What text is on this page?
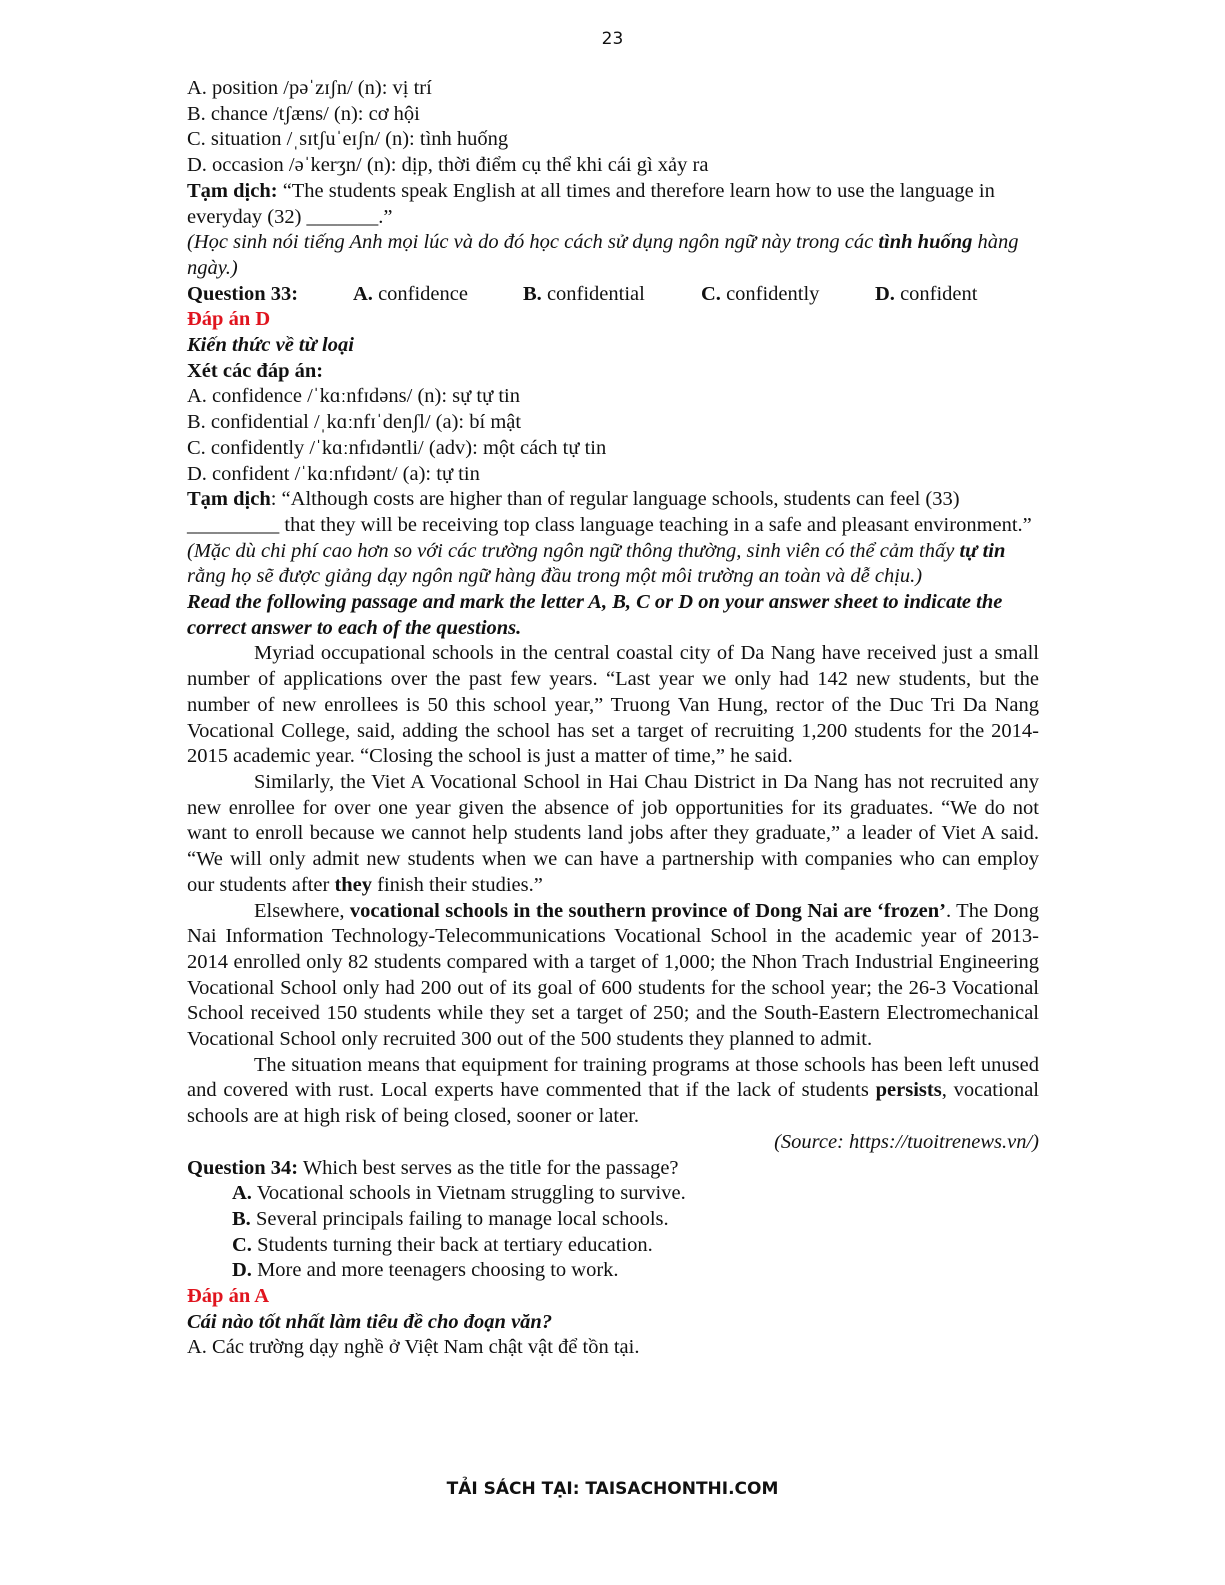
23
A. position /pəˈzɪʃn/ (n): vị trí
B. chance /tʃæns/ (n): cơ hội
C. situation /ˌsɪtʃuˈeɪʃn/ (n): tình huống
D. occasion /əˈkerʒn/ (n): dịp, thời điểm cụ thể khi cái gì xảy ra
Tạm dịch: “The students speak English at all times and therefore learn how to use the language in everyday (32) _______.”
(Học sinh nói tiếng Anh mọi lúc và do đó học cách sử dụng ngôn ngữ này trong các tình huống hàng ngày.)
Question 33:	A. confidence	B. confidential	C. confidently	D. confident
Đáp án D
Kiến thức về từ loại
Xét các đáp án:
A. confidence /ˈkɑːnfɪdəns/ (n): sự tự tin
B. confidential /ˌkɑːnfɪˈdenʃl/ (a): bí mật
C. confidently /ˈkɑːnfɪdəntli/ (adv): một cách tự tin
D. confident /ˈkɑːnfɪdənt/ (a): tự tin
Tạm dịch: “Although costs are higher than of regular language schools, students can feel (33) _________ that they will be receiving top class language teaching in a safe and pleasant environment.”
(Mặc dù chi phí cao hơn so với các trường ngôn ngữ thông thường, sinh viên có thể cảm thấy tự tin rằng họ sẽ được giảng dạy ngôn ngữ hàng đầu trong một môi trường an toàn và dễ chịu.)
Read the following passage and mark the letter A, B, C or D on your answer sheet to indicate the correct answer to each of the questions.
Myriad occupational schools in the central coastal city of Da Nang have received just a small number of applications over the past few years. “Last year we only had 142 new students, but the number of new enrollees is 50 this school year,” Truong Van Hung, rector of the Duc Tri Da Nang Vocational College, said, adding the school has set a target of recruiting 1,200 students for the 2014-2015 academic year. “Closing the school is just a matter of time,” he said.
Similarly, the Viet A Vocational School in Hai Chau District in Da Nang has not recruited any new enrollee for over one year given the absence of job opportunities for its graduates. “We do not want to enroll because we cannot help students land jobs after they graduate,” a leader of Viet A said. “We will only admit new students when we can have a partnership with companies who can employ our students after they finish their studies.”
Elsewhere, vocational schools in the southern province of Dong Nai are ‘frozen’. The Dong Nai Information Technology-Telecommunications Vocational School in the academic year of 2013-2014 enrolled only 82 students compared with a target of 1,000; the Nhon Trach Industrial Engineering Vocational School only had 200 out of its goal of 600 students for the school year; the 26-3 Vocational School received 150 students while they set a target of 250; and the South-Eastern Electromechanical Vocational School only recruited 300 out of the 500 students they planned to admit.
The situation means that equipment for training programs at those schools has been left unused and covered with rust. Local experts have commented that if the lack of students persists, vocational schools are at high risk of being closed, sooner or later.
(Source: https://tuoitrenews.vn/)
Question 34: Which best serves as the title for the passage?
A. Vocational schools in Vietnam struggling to survive.
B. Several principals failing to manage local schools.
C. Students turning their back at tertiary education.
D. More and more teenagers choosing to work.
Đáp án A
Cái nào tốt nhất làm tiêu đề cho đoạn văn?
A. Các trường dạy nghề ở Việt Nam chật vật để tồn tại.
TẢI SÁCH TẠI: TAISACHONTHI.COM
